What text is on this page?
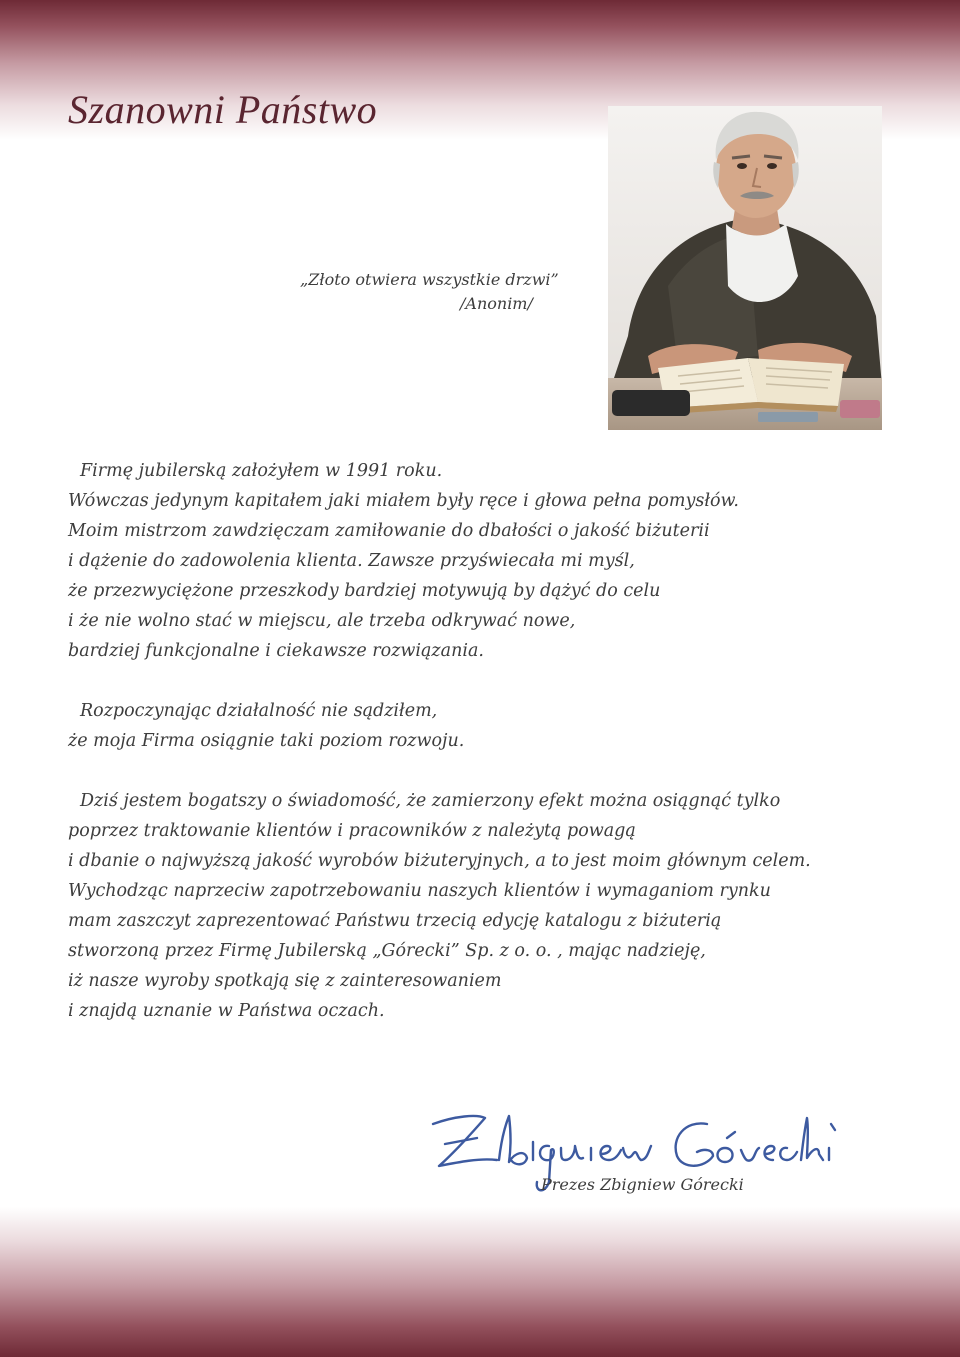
Szanowni Państwo
„Złoto otwiera wszystkie drzwi”
/Anonim/

Firmę jubilerską założyłem w 1991 roku.

Wówczas jedynym kapitałem jaki miałem były ręce i głowa pełna pomysłów.

Moim mistrzom zawdzięczam zamiłowanie do dbałości o jakość biżuterii

i dążenie do zadowolenia klienta. Zawsze przyświecała mi myśl,

że przezwyciężone przeszkody bardziej motywują by dążyć do celu

i że nie wolno stać w miejscu, ale trzeba odkrywać nowe,

bardziej funkcjonalne i ciekawsze rozwiązania.

Rozpoczynając działalność nie sądziłem,

że moja Firma osiągnie taki poziom rozwoju.

Dziś jestem bogatszy o świadomość, że zamierzony efekt można osiągnąć tylko

poprzez traktowanie klientów i pracowników z należytą powagą

i dbanie o najwyższą jakość wyrobów biżuteryjnych, a to jest moim głównym celem.

Wychodząc naprzeciw zapotrzebowaniu naszych klientów i wymaganiom rynku

mam zaszczyt zaprezentować Państwu trzecią edycję katalogu z biżuterią

stworzoną przez Firmę Jubilerską „Górecki” Sp. z o. o. , mając nadzieję,

iż nasze wyroby spotkają się z zainteresowaniem

i znajdą uznanie w Państwa oczach.

Prezes Zbigniew Górecki
